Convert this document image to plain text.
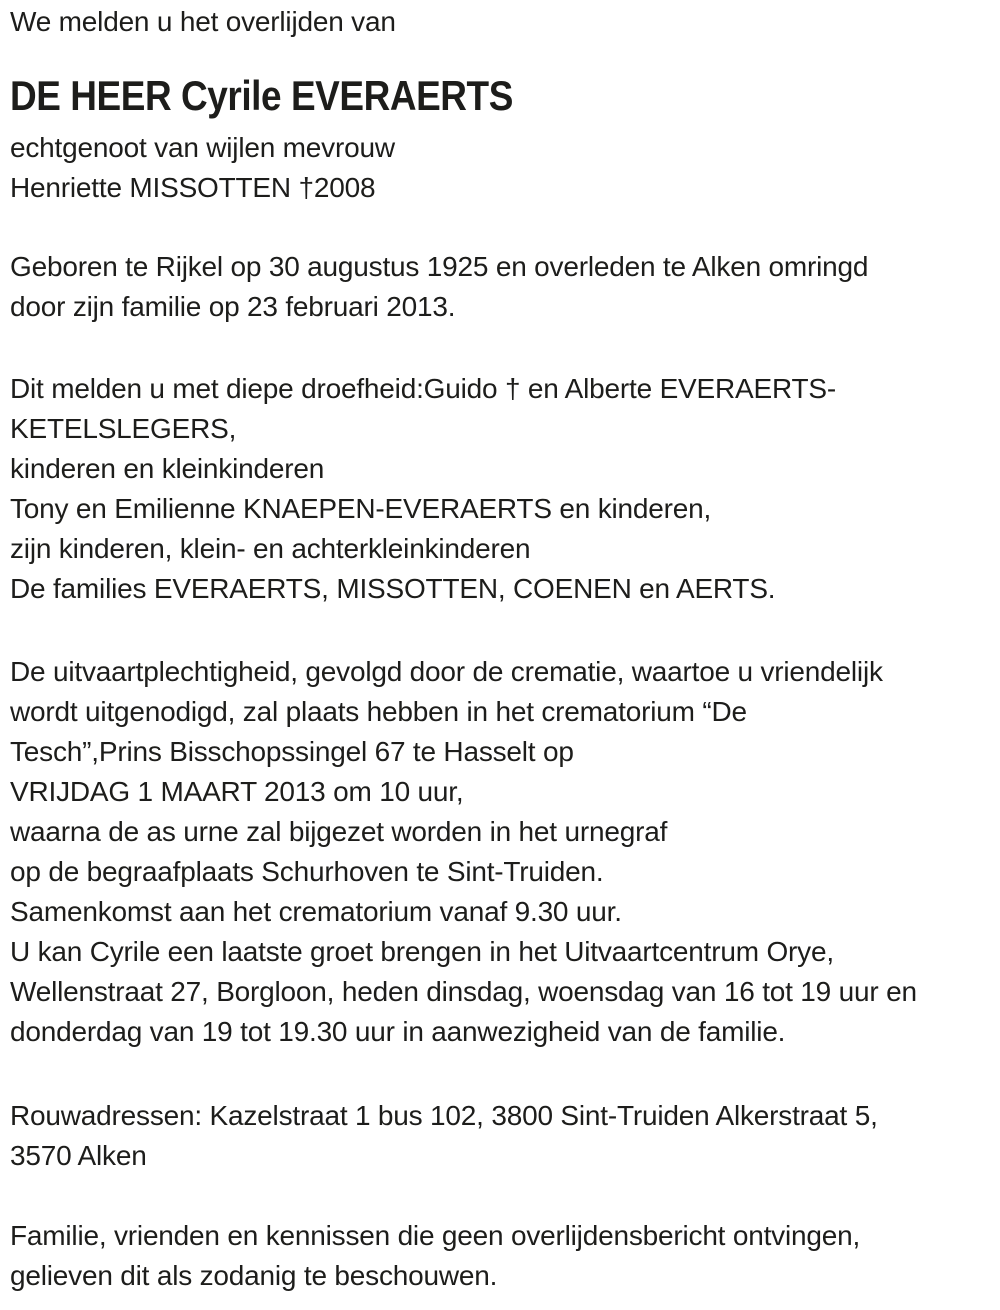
We melden u het overlijden van
DE HEER Cyrile EVERAERTS
echtgenoot van wijlen mevrouw
Henriette MISSOTTEN †2008
Geboren te Rijkel op 30 augustus 1925 en overleden te Alken omringd
door zijn familie op 23 februari 2013.
Dit melden u met diepe droefheid:Guido † en Alberte EVERAERTS-
KETELSLEGERS,
kinderen en kleinkinderen
Tony en Emilienne KNAEPEN-EVERAERTS en kinderen,
zijn kinderen, klein- en achterkleinkinderen
De families EVERAERTS, MISSOTTEN, COENEN en AERTS.
De uitvaartplechtigheid, gevolgd door de crematie, waartoe u vriendelijk
wordt uitgenodigd, zal plaats hebben in het crematorium “De
Tesch”,Prins Bisschopssingel 67 te Hasselt op
VRIJDAG 1 MAART 2013 om 10 uur,
waarna de as urne zal bijgezet worden in het urnegraf
op de begraafplaats Schurhoven te Sint-Truiden.
Samenkomst aan het crematorium vanaf 9.30 uur.
U kan Cyrile een laatste groet brengen in het Uitvaartcentrum Orye,
Wellenstraat 27, Borgloon, heden dinsdag, woensdag van 16 tot 19 uur en
donderdag van 19 tot 19.30 uur in aanwezigheid van de familie.
Rouwadressen: Kazelstraat 1 bus 102, 3800 Sint-Truiden Alkerstraat 5,
3570 Alken
Familie, vrienden en kennissen die geen overlijdensbericht ontvingen,
gelieven dit als zodanig te beschouwen.
